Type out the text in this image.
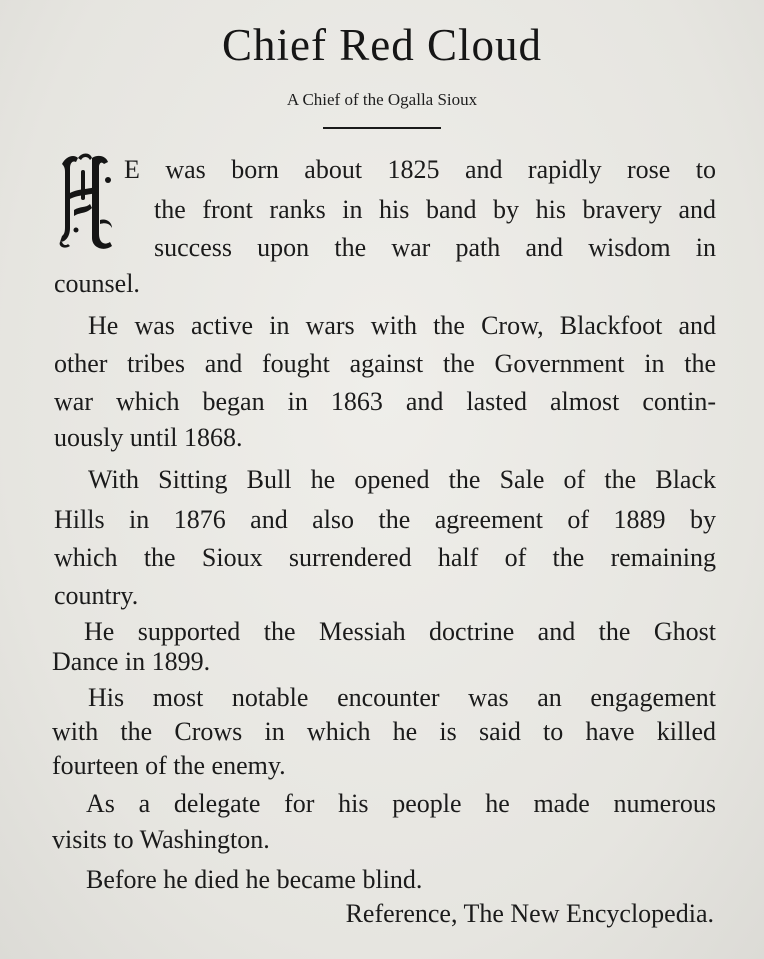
Chief Red Cloud
A Chief of the Ogalla Sioux
E was born about 1825 and rapidly rose to
the front ranks in his band by his bravery and
success upon the war path and wisdom in
counsel.
He was active in wars with the Crow, Blackfoot and
other tribes and fought against the Government in the
war which began in 1863 and lasted almost contin-
uously until 1868.
With Sitting Bull he opened the Sale of the Black
Hills in 1876 and also the agreement of 1889 by
which the Sioux surrendered half of the remaining
country.
He supported the Messiah doctrine and the Ghost
Dance in 1899.
His most notable encounter was an engagement
with the Crows in which he is said to have killed
fourteen of the enemy.
As a delegate for his people he made numerous
visits to Washington.
Before he died he became blind.
Reference, The New Encyclopedia.
